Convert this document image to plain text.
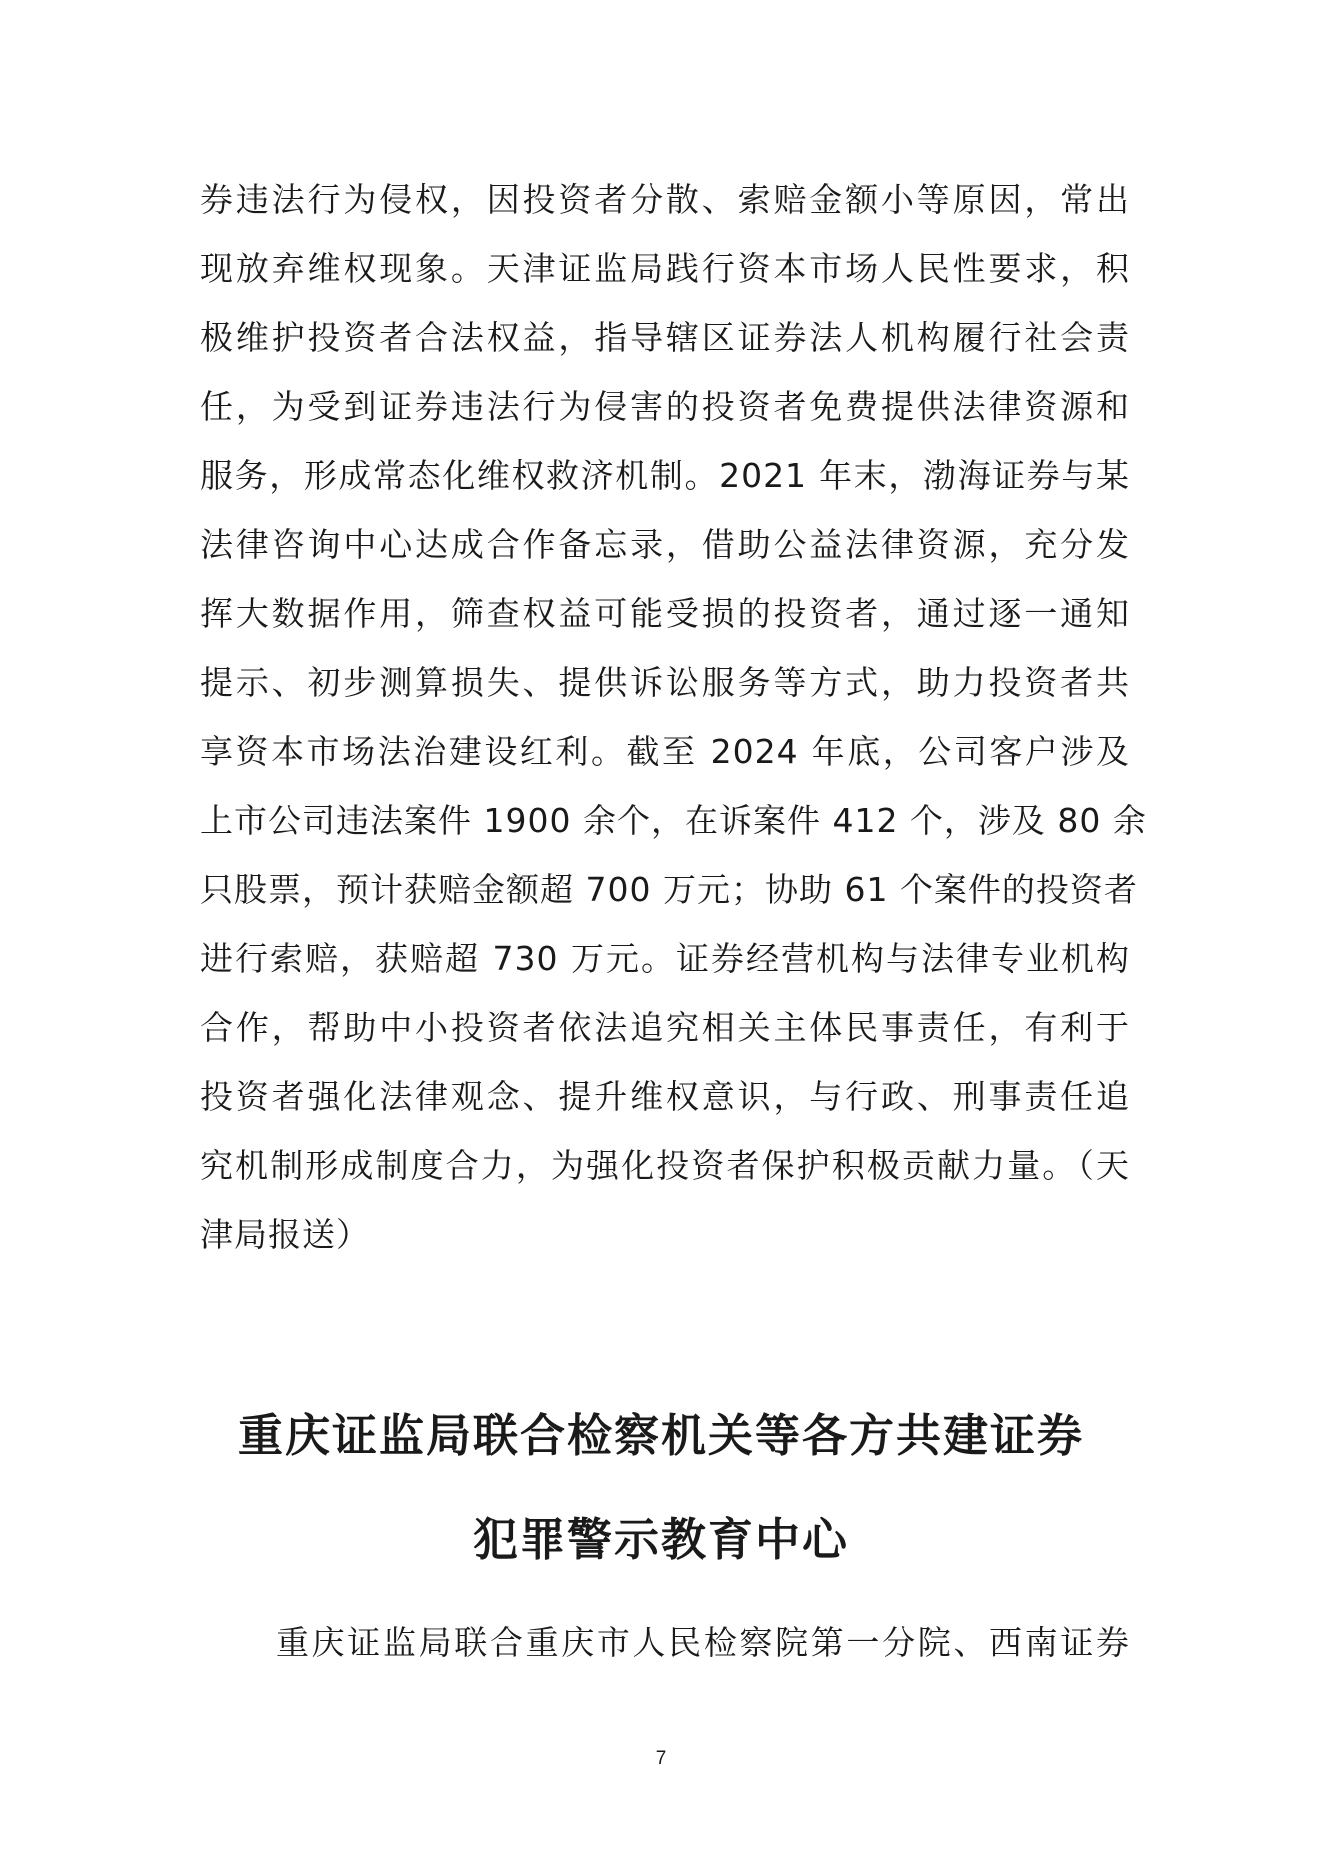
券违法行为侵权，因投资者分散、索赔金额小等原因，常出
现放弃维权现象。天津证监局践行资本市场人民性要求，积
极维护投资者合法权益，指导辖区证券法人机构履行社会责
任，为受到证券违法行为侵害的投资者免费提供法律资源和
服务，形成常态化维权救济机制。2021 年末，渤海证券与某
法律咨询中心达成合作备忘录，借助公益法律资源，充分发
挥大数据作用，筛查权益可能受损的投资者，通过逐一通知
提示、初步测算损失、提供诉讼服务等方式，助力投资者共
享资本市场法治建设红利。截至 2024 年底，公司客户涉及
上市公司违法案件 1900 余个，在诉案件 412 个，涉及 80 余
只股票，预计获赔金额超 700 万元；协助 61 个案件的投资者
进行索赔，获赔超 730 万元。证券经营机构与法律专业机构
合作，帮助中小投资者依法追究相关主体民事责任，有利于
投资者强化法律观念、提升维权意识，与行政、刑事责任追
究机制形成制度合力，为强化投资者保护积极贡献力量。（天
津局报送）
重庆证监局联合检察机关等各方共建证券
犯罪警示教育中心
重庆证监局联合重庆市人民检察院第一分院、西南证券
7
